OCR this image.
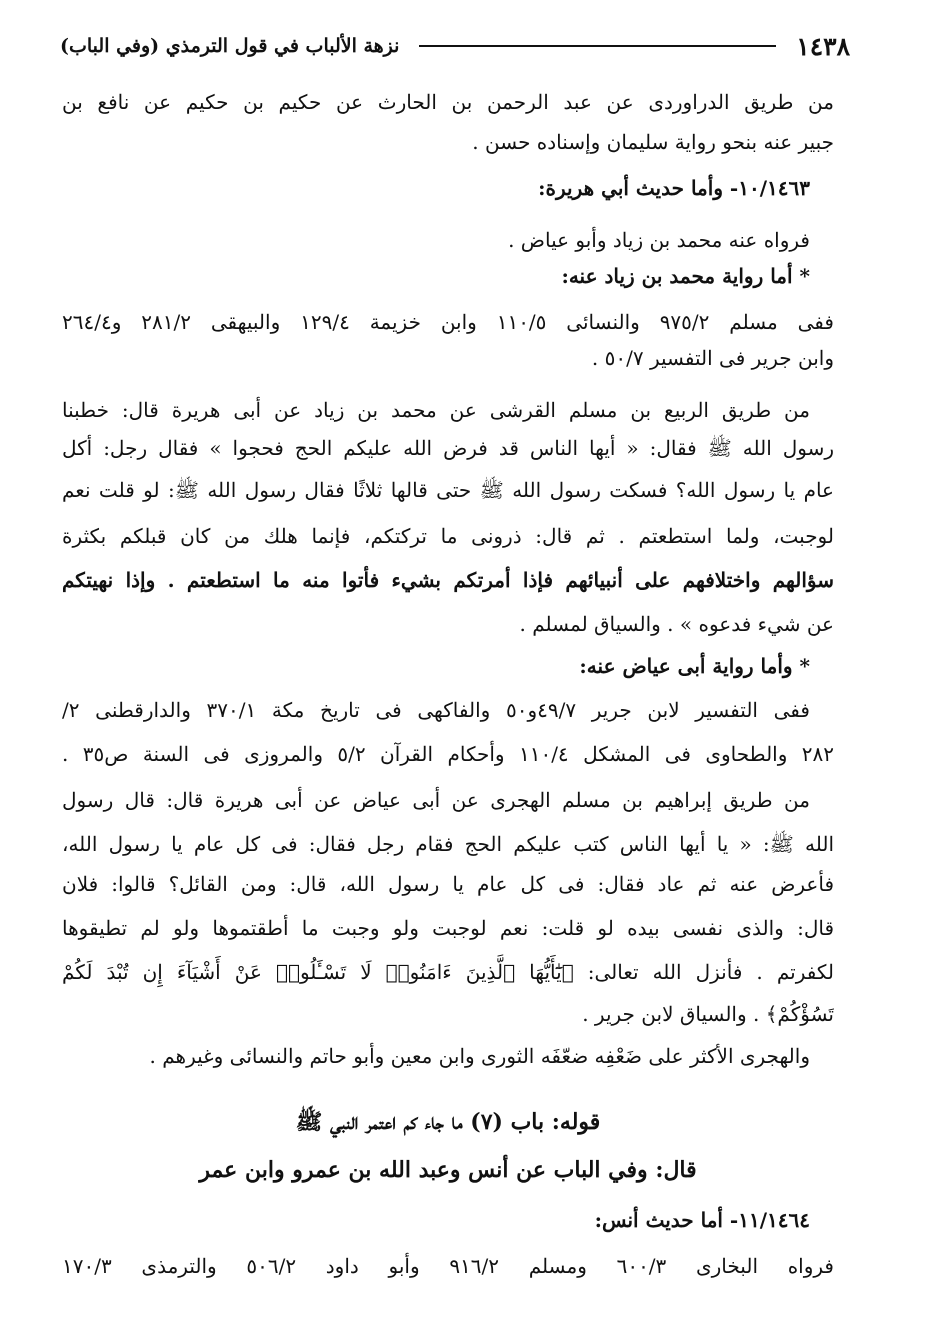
١٤٣٨
نزهة الألباب في قول الترمذي (وفي الباب)
من طريق الدراوردى عن عبد الرحمن بن الحارث عن حكيم بن حكيم عن نافع بن
جبير عنه بنحو رواية سليمان وإسناده حسن .
١٠/١٤٦٣- وأما حديث أبي هريرة:
فرواه عنه محمد بن زياد وأبو عياض .
* أما رواية محمد بن زياد عنه:
ففى مسلم ٩٧٥/٢ والنسائى ١١٠/٥ وابن خزيمة ١٢٩/٤ والبيهقى ٢٨١/٢ و٢٦٤/٤
وابن جرير فى التفسير ٥٠/٧ .
من طريق الربيع بن مسلم القرشى عن محمد بن زياد عن أبى هريرة قال: خطبنا
رسول الله ﷺ فقال: « أيها الناس قد فرض الله عليكم الحج فحجوا » فقال رجل: أكل
عام يا رسول الله؟ فسكت رسول الله ﷺ حتى قالها ثلاثًا فقال رسول الله ﷺ: لو قلت نعم
لوجبت، ولما استطعتم . ثم قال: ذرونى ما تركتكم، فإنما هلك من كان قبلكم بكثرة
سؤالهم واختلافهم على أنبيائهم فإذا أمرتكم بشيء فأتوا منه ما استطعتم . وإذا نهيتكم
عن شيء فدعوه » . والسياق لمسلم .
* وأما رواية أبى عياض عنه:
ففى التفسير لابن جرير ٤٩/٧و٥٠ والفاكهى فى تاريخ مكة ٣٧٠/١ والدارقطنى ٢/
٢٨٢ والطحاوى فى المشكل ١١٠/٤ وأحكام القرآن ٥/٢ والمروزى فى السنة ص٣٥ .
من طريق إبراهيم بن مسلم الهجرى عن أبى عياض عن أبى هريرة قال: قال رسول
الله ﷺ: « يا أيها الناس كتب عليكم الحج فقام رجل فقال: فى كل عام يا رسول الله،
فأعرض عنه ثم عاد فقال: فى كل عام يا رسول الله، قال: ومن القائل؟ قالوا: فلان
قال: والذى نفسى بيده لو قلت: نعم لوجبت ولو وجبت ما أطقتموها ولو لم تطيقوها
لكفرتم . فأنزل الله تعالى: ﴿يَٰٓأَيُّهَا ٱلَّذِينَ ءَامَنُوا۟ لَا تَسْـَٔلُوا۟ عَنْ أَشْيَآءَ إِن تُبْدَ لَكُمْ
تَسُؤْكُمْ﴾ . والسياق لابن جرير .
والهجرى الأكثر على ضَعْفِه ضعّفَه الثورى وابن معين وأبو حاتم والنسائى وغيرهم .
قوله: باب (٧) ما جاء كم اعتمر النبي ﷺ
قال: وفي الباب عن أنس وعبد الله بن عمرو وابن عمر
١١/١٤٦٤- أما حديث أنس:
فرواه البخارى ٦٠٠/٣ ومسلم ٩١٦/٢ وأبو داود ٥٠٦/٢ والترمذى ١٧٠/٣
